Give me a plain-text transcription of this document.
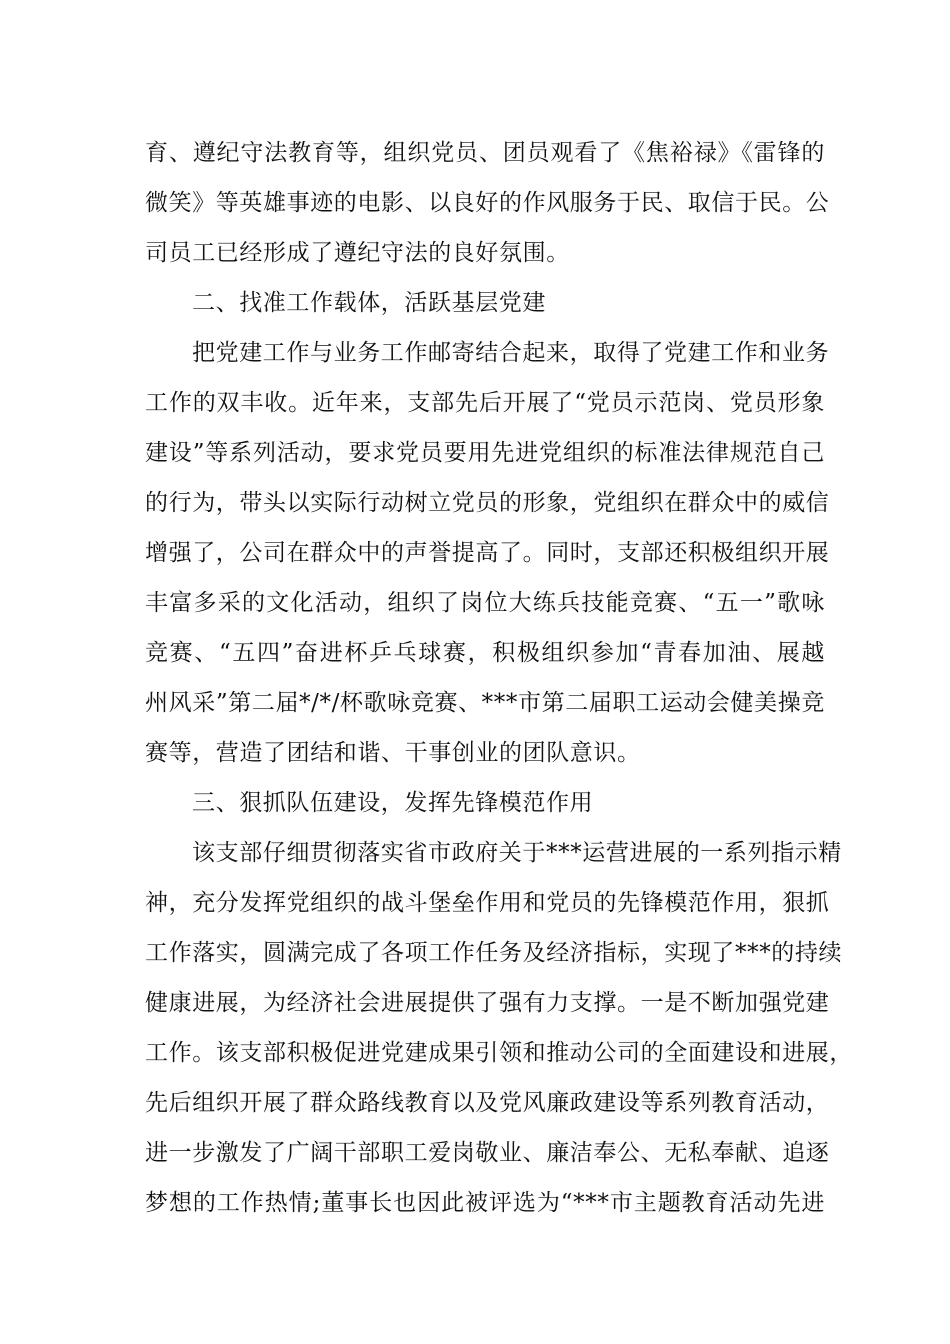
育、遵纪守法教育等，组织党员、团员观看了《焦裕禄》《雷锋的
微笑》等英雄事迹的电影、以良好的作风服务于民、取信于民。公
司员工已经形成了遵纪守法的良好氛围。
二、找准工作载体，活跃基层党建
把党建工作与业务工作邮寄结合起来，取得了党建工作和业务
工作的双丰收。近年来，支部先后开展了“党员示范岗、党员形象
建设”等系列活动，要求党员要用先进党组织的标准法律规范自己
的行为，带头以实际行动树立党员的形象，党组织在群众中的威信
增强了，公司在群众中的声誉提高了。同时，支部还积极组织开展
丰富多采的文化活动，组织了岗位大练兵技能竞赛、“五一”歌咏
竞赛、“五四”奋进杯乒乓球赛，积极组织参加“青春加油、展越
州风采”第二届*/*/杯歌咏竞赛、***市第二届职工运动会健美操竞
赛等，营造了团结和谐、干事创业的团队意识。
三、狠抓队伍建设，发挥先锋模范作用
该支部仔细贯彻落实省市政府关于***运营进展的一系列指示精
神，充分发挥党组织的战斗堡垒作用和党员的先锋模范作用，狠抓
工作落实，圆满完成了各项工作任务及经济指标，实现了***的持续
健康进展，为经济社会进展提供了强有力支撑。一是不断加强党建
工作。该支部积极促进党建成果引领和推动公司的全面建设和进展，
先后组织开展了群众路线教育以及党风廉政建设等系列教育活动，
进一步激发了广阔干部职工爱岗敬业、廉洁奉公、无私奉献、追逐
梦想的工作热情;董事长也因此被评选为“***市主题教育活动先进
